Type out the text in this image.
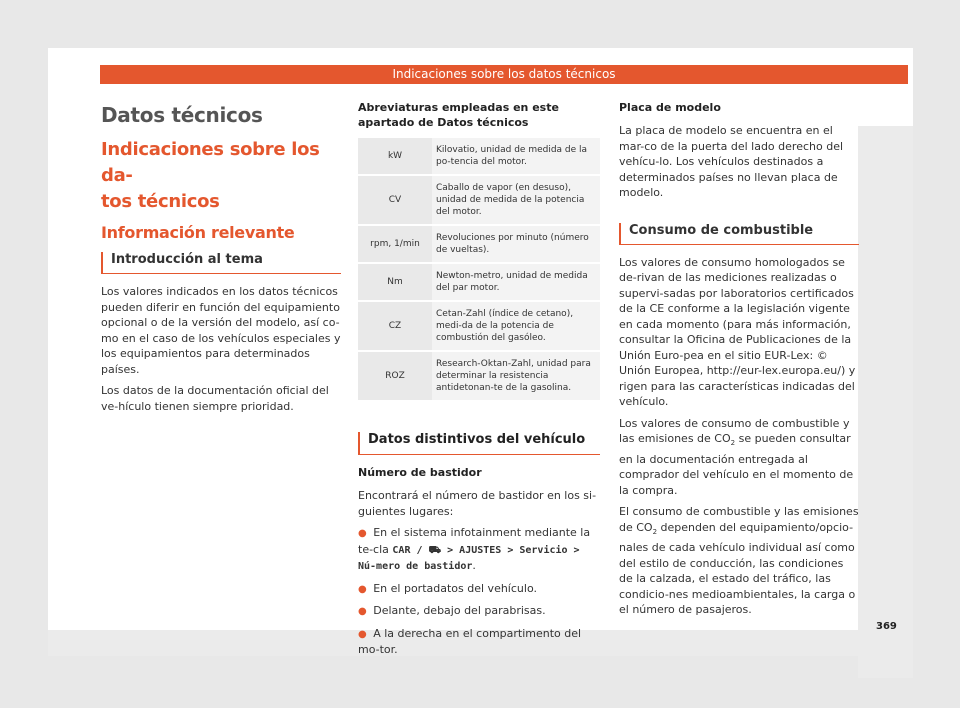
Indicaciones sobre los datos técnicos
Datos técnicos
Indicaciones sobre los da-
tos técnicos
Información relevante
Introducción al tema

Los valores indicados en los datos técnicos pueden diferir en función del equipamiento opcional o de la versión del modelo, así co-mo en el caso de los vehículos especiales y los equipamientos para determinados países.

Los datos de la documentación oficial del ve-hículo tienen siempre prioridad.

Abreviaturas empleadas en este apartado de Datos técnicos
kW	Kilovatio, unidad de medida de la po-tencia del motor.
CV	Caballo de vapor (en desuso), unidad de medida de la potencia del motor.
rpm, 1/min	Revoluciones por minuto (número de vueltas).
Nm	Newton-metro, unidad de medida del par motor.
CZ	Cetan-Zahl (índice de cetano), medi-da de la potencia de combustión del gasóleo.
ROZ	Research-Oktan-Zahl, unidad para determinar la resistencia antidetonan-te de la gasolina.
Datos distintivos del vehículo
Número de bastidor

Encontrará el número de bastidor en los si-guientes lugares:

● En el sistema infotainment mediante la te-cla CAR / ⛟ > AJUSTES > Servicio > Nú-mero de bastidor.
● En el portadatos del vehículo.
● Delante, debajo del parabrisas.
● A la derecha en el compartimento del mo-tor.
Placa de modelo

La placa de modelo se encuentra en el mar-co de la puerta del lado derecho del vehícu-lo. Los vehículos destinados a determinados países no llevan placa de modelo.

Consumo de combustible

Los valores de consumo homologados se de-rivan de las mediciones realizadas o supervi-sadas por laboratorios certificados de la CE conforme a la legislación vigente en cada momento (para más información, consultar la Oficina de Publicaciones de la Unión Euro-pea en el sitio EUR-Lex: © Unión Europea, http://eur-lex.europa.eu/) y rigen para las características indicadas del vehículo.

Los valores de consumo de combustible y las emisiones de $CO_2$ se pueden consultar en la documentación entregada al comprador del vehículo en el momento de la compra.

El consumo de combustible y las emisiones de $CO_2$ dependen del equipamiento/opcio-nales de cada vehículo individual así como del estilo de conducción, las condiciones de la calzada, el estado del tráfico, las condicio-nes medioambientales, la carga o el número de pasajeros.

369
